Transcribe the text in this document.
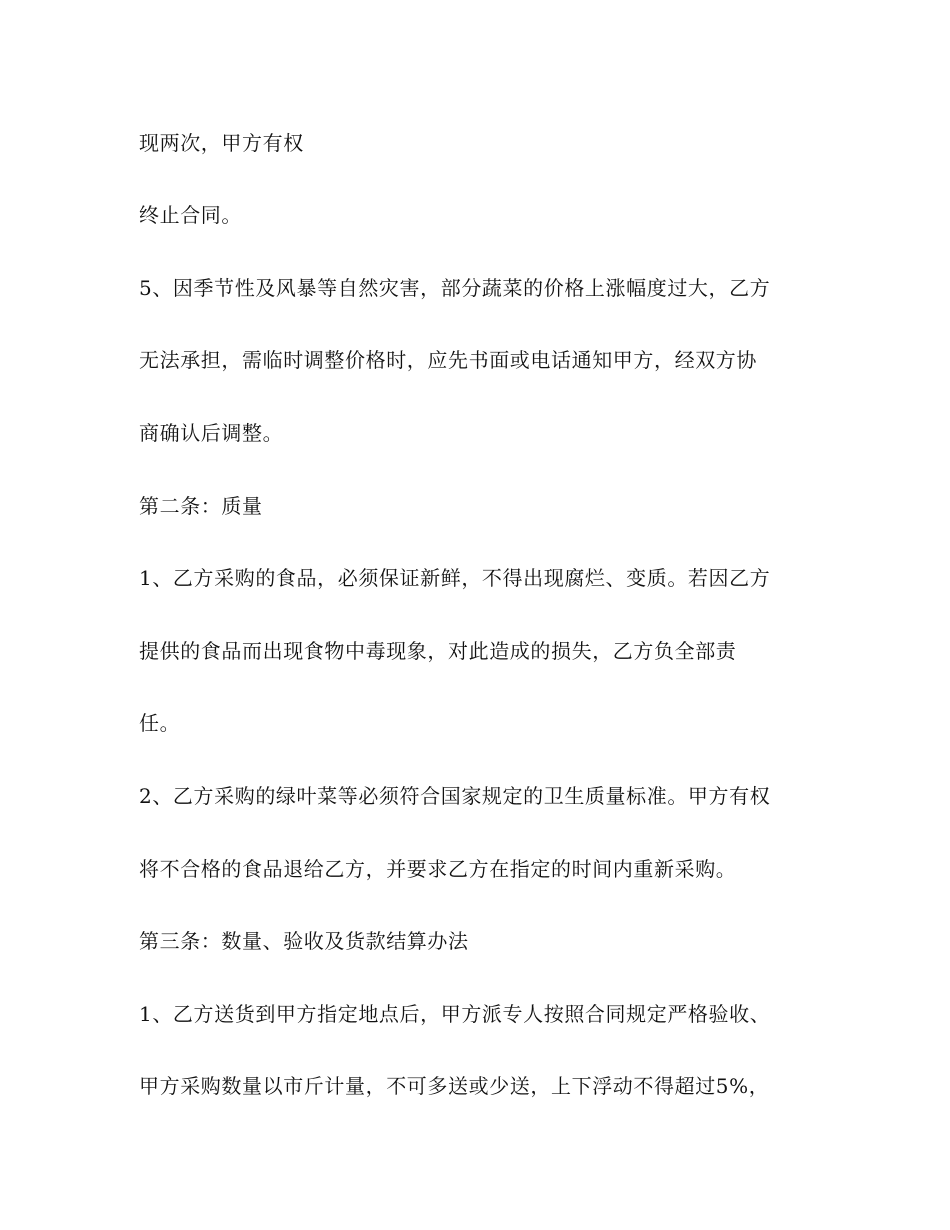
现两次，甲方有权

终止合同。

5、因季节性及风暴等自然灾害，部分蔬菜的价格上涨幅度过大，乙方

无法承担，需临时调整价格时，应先书面或电话通知甲方，经双方协

商确认后调整。

第二条：质量

1、乙方采购的食品，必须保证新鲜，不得出现腐烂、变质。若因乙方

提供的食品而出现食物中毒现象，对此造成的损失，乙方负全部责

任。

2、乙方采购的绿叶菜等必须符合国家规定的卫生质量标准。甲方有权

将不合格的食品退给乙方，并要求乙方在指定的时间内重新采购。

第三条：数量、验收及货款结算办法

1、乙方送货到甲方指定地点后，甲方派专人按照合同规定严格验收、

甲方采购数量以市斤计量，不可多送或少送，上下浮动不得超过5%，
